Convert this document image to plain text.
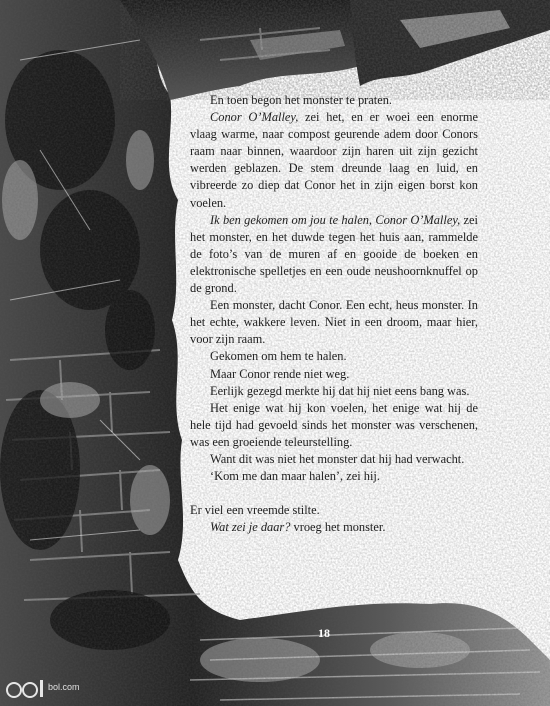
En toen begon het monster te praten.

Conor O’Malley, zei het, en er woei een enorme vlaag warme, naar compost geurende adem door Conors raam naar binnen, waardoor zijn haren uit zijn gezicht werden geblazen. De stem dreunde laag en luid, en vibreerde zo diep dat Conor het in zijn eigen borst kon voelen.

Ik ben gekomen om jou te halen, Conor O’Malley, zei het monster, en het duwde tegen het huis aan, rammelde de foto’s van de muren af en gooide de boeken en elektronische spelletjes en een oude neushoornknuffel op de grond.

Een monster, dacht Conor. Een echt, heus monster. In het echte, wakkere leven. Niet in een droom, maar hier, voor zijn raam.

Gekomen om hem te halen.

Maar Conor rende niet weg.

Eerlijk gezegd merkte hij dat hij niet eens bang was.

Het enige wat hij kon voelen, het enige wat hij de hele tijd had gevoeld sinds het monster was verschenen, was een groeiende teleurstelling.

Want dit was niet het monster dat hij had verwacht.

‘Kom me dan maar halen’, zei hij.

Er viel een vreemde stilte.

Wat zei je daar? vroeg het monster.

18
bol.com
